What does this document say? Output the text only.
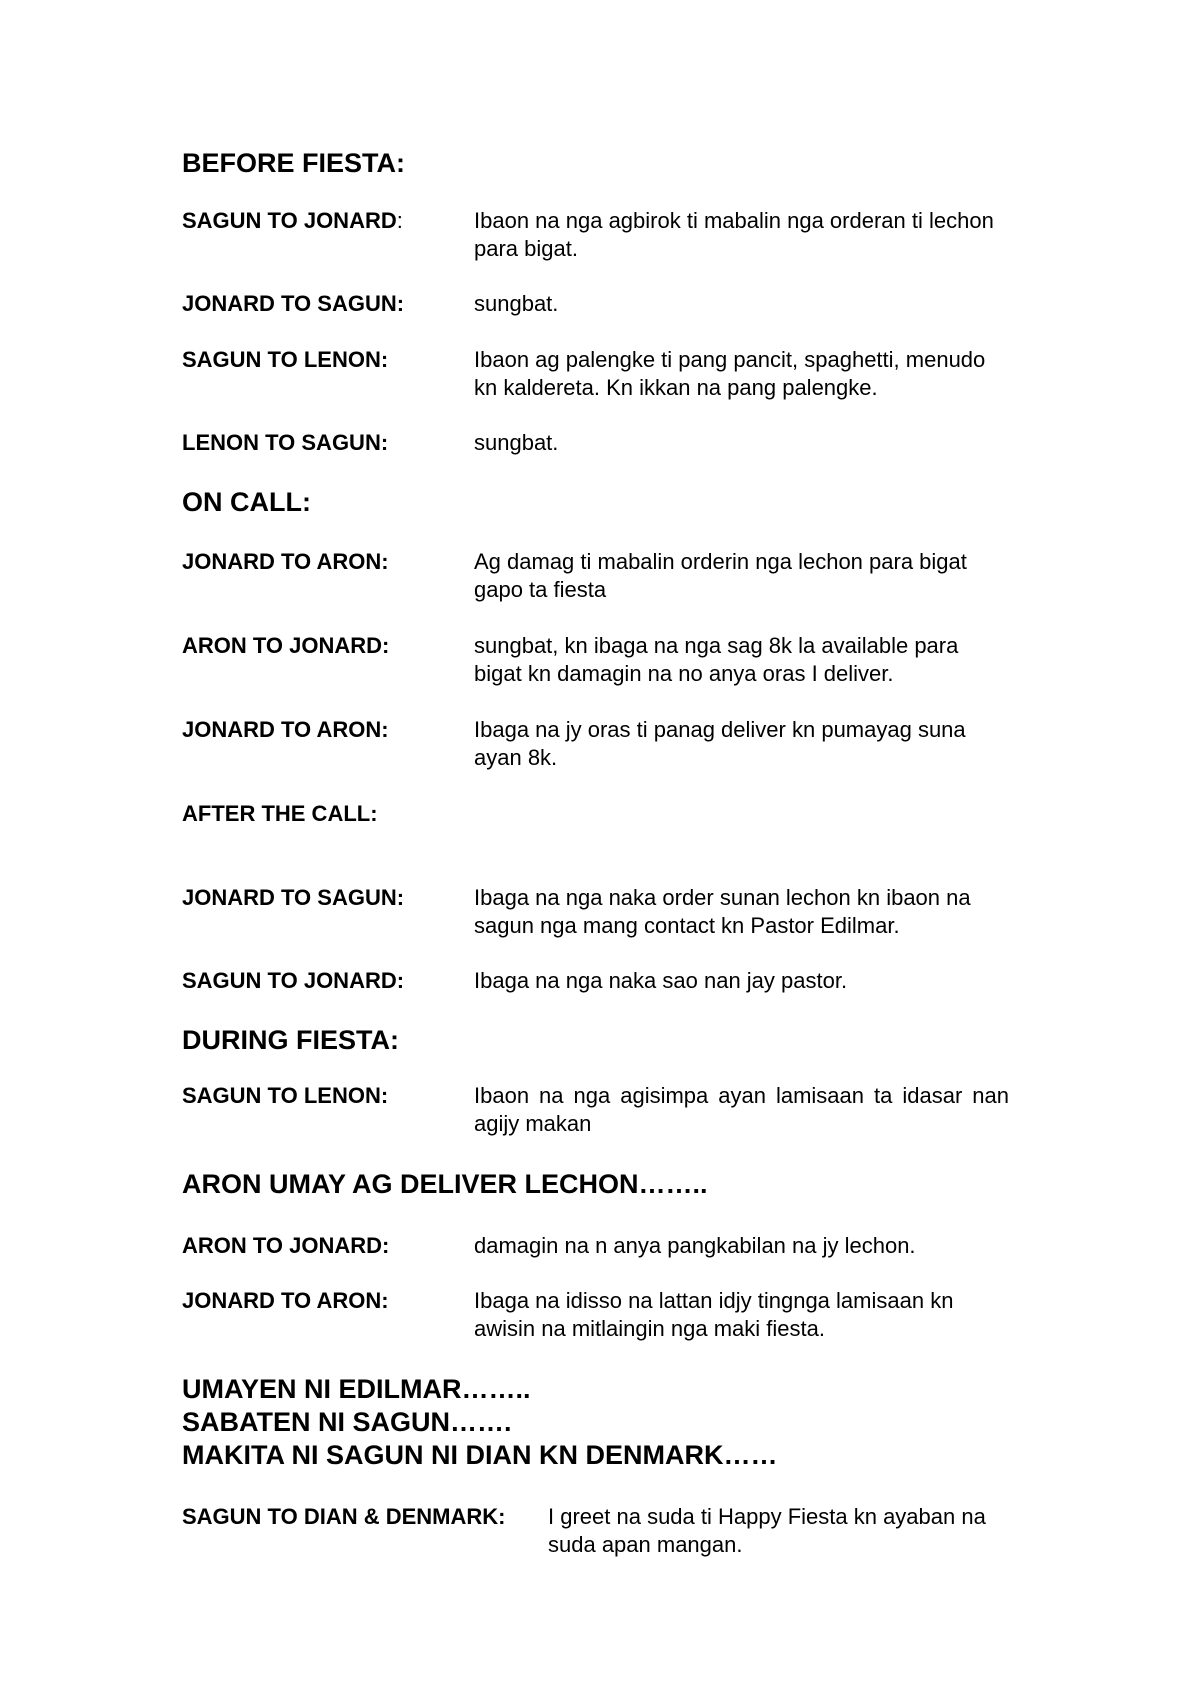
BEFORE FIESTA:
SAGUN TO JONARD:	Ibaon na nga agbirok ti mabalin nga orderan ti lechon para bigat.
JONARD TO SAGUN:	sungbat.
SAGUN TO LENON:	Ibaon ag palengke ti pang pancit, spaghetti, menudo kn kaldereta. Kn ikkan na pang palengke.
LENON TO SAGUN:	sungbat.
ON CALL:
JONARD TO ARON:	Ag damag ti mabalin orderin nga lechon para bigat gapo ta fiesta
ARON TO JONARD:	sungbat, kn ibaga na nga sag 8k la available para bigat kn damagin na no anya oras I deliver.
JONARD TO ARON:	Ibaga na jy oras ti panag deliver kn pumayag suna ayan 8k.
AFTER THE CALL:
JONARD TO SAGUN:	Ibaga na nga naka order sunan lechon kn ibaon na sagun nga mang contact kn Pastor Edilmar.
SAGUN TO JONARD:	Ibaga na nga naka sao nan jay pastor.
DURING FIESTA:
SAGUN TO LENON:	Ibaon na nga agisimpa ayan lamisaan ta idasar nan agijy makan
ARON UMAY AG DELIVER LECHON……..
ARON TO JONARD:	damagin na n anya pangkabilan na jy lechon.
JONARD TO ARON:	Ibaga na idisso na lattan idjy tingnga lamisaan kn awisin na mitlaingin nga maki fiesta.
UMAYEN NI EDILMAR……..
SABATEN NI SAGUN…….
MAKITA NI SAGUN NI DIAN KN DENMARK……
SAGUN TO DIAN & DENMARK: I greet na suda ti Happy Fiesta kn ayaban na suda apan mangan.
